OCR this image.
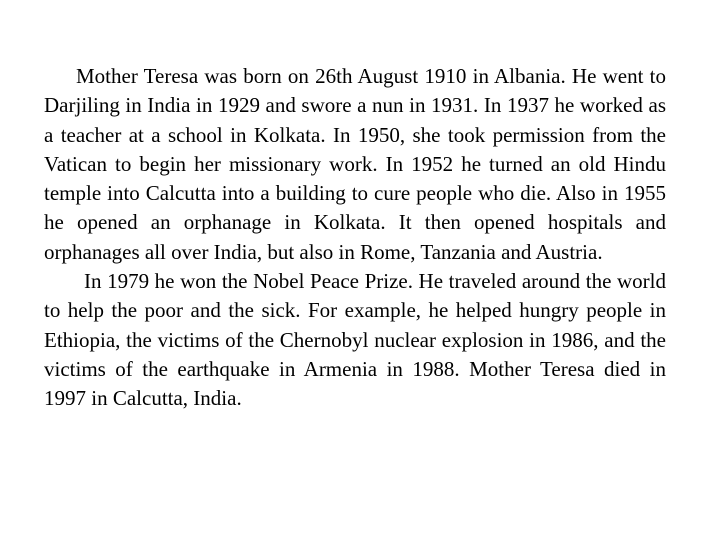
Mother Teresa was born on 26th August 1910 in Albania. He went to Darjiling in India in 1929 and swore a nun in 1931. In 1937 he worked as a teacher at a school in Kolkata. In 1950, she took permission from the Vatican to begin her missionary work. In 1952 he turned an old Hindu temple into Calcutta into a building to cure people who die. Also in 1955 he opened an orphanage in Kolkata. It then opened hospitals and orphanages all over India, but also in Rome, Tanzania and Austria.

In 1979 he won the Nobel Peace Prize. He traveled around the world to help the poor and the sick. For example, he helped hungry people in Ethiopia, the victims of the Chernobyl nuclear explosion in 1986, and the victims of the earthquake in Armenia in 1988. Mother Teresa died in 1997 in Calcutta, India.
